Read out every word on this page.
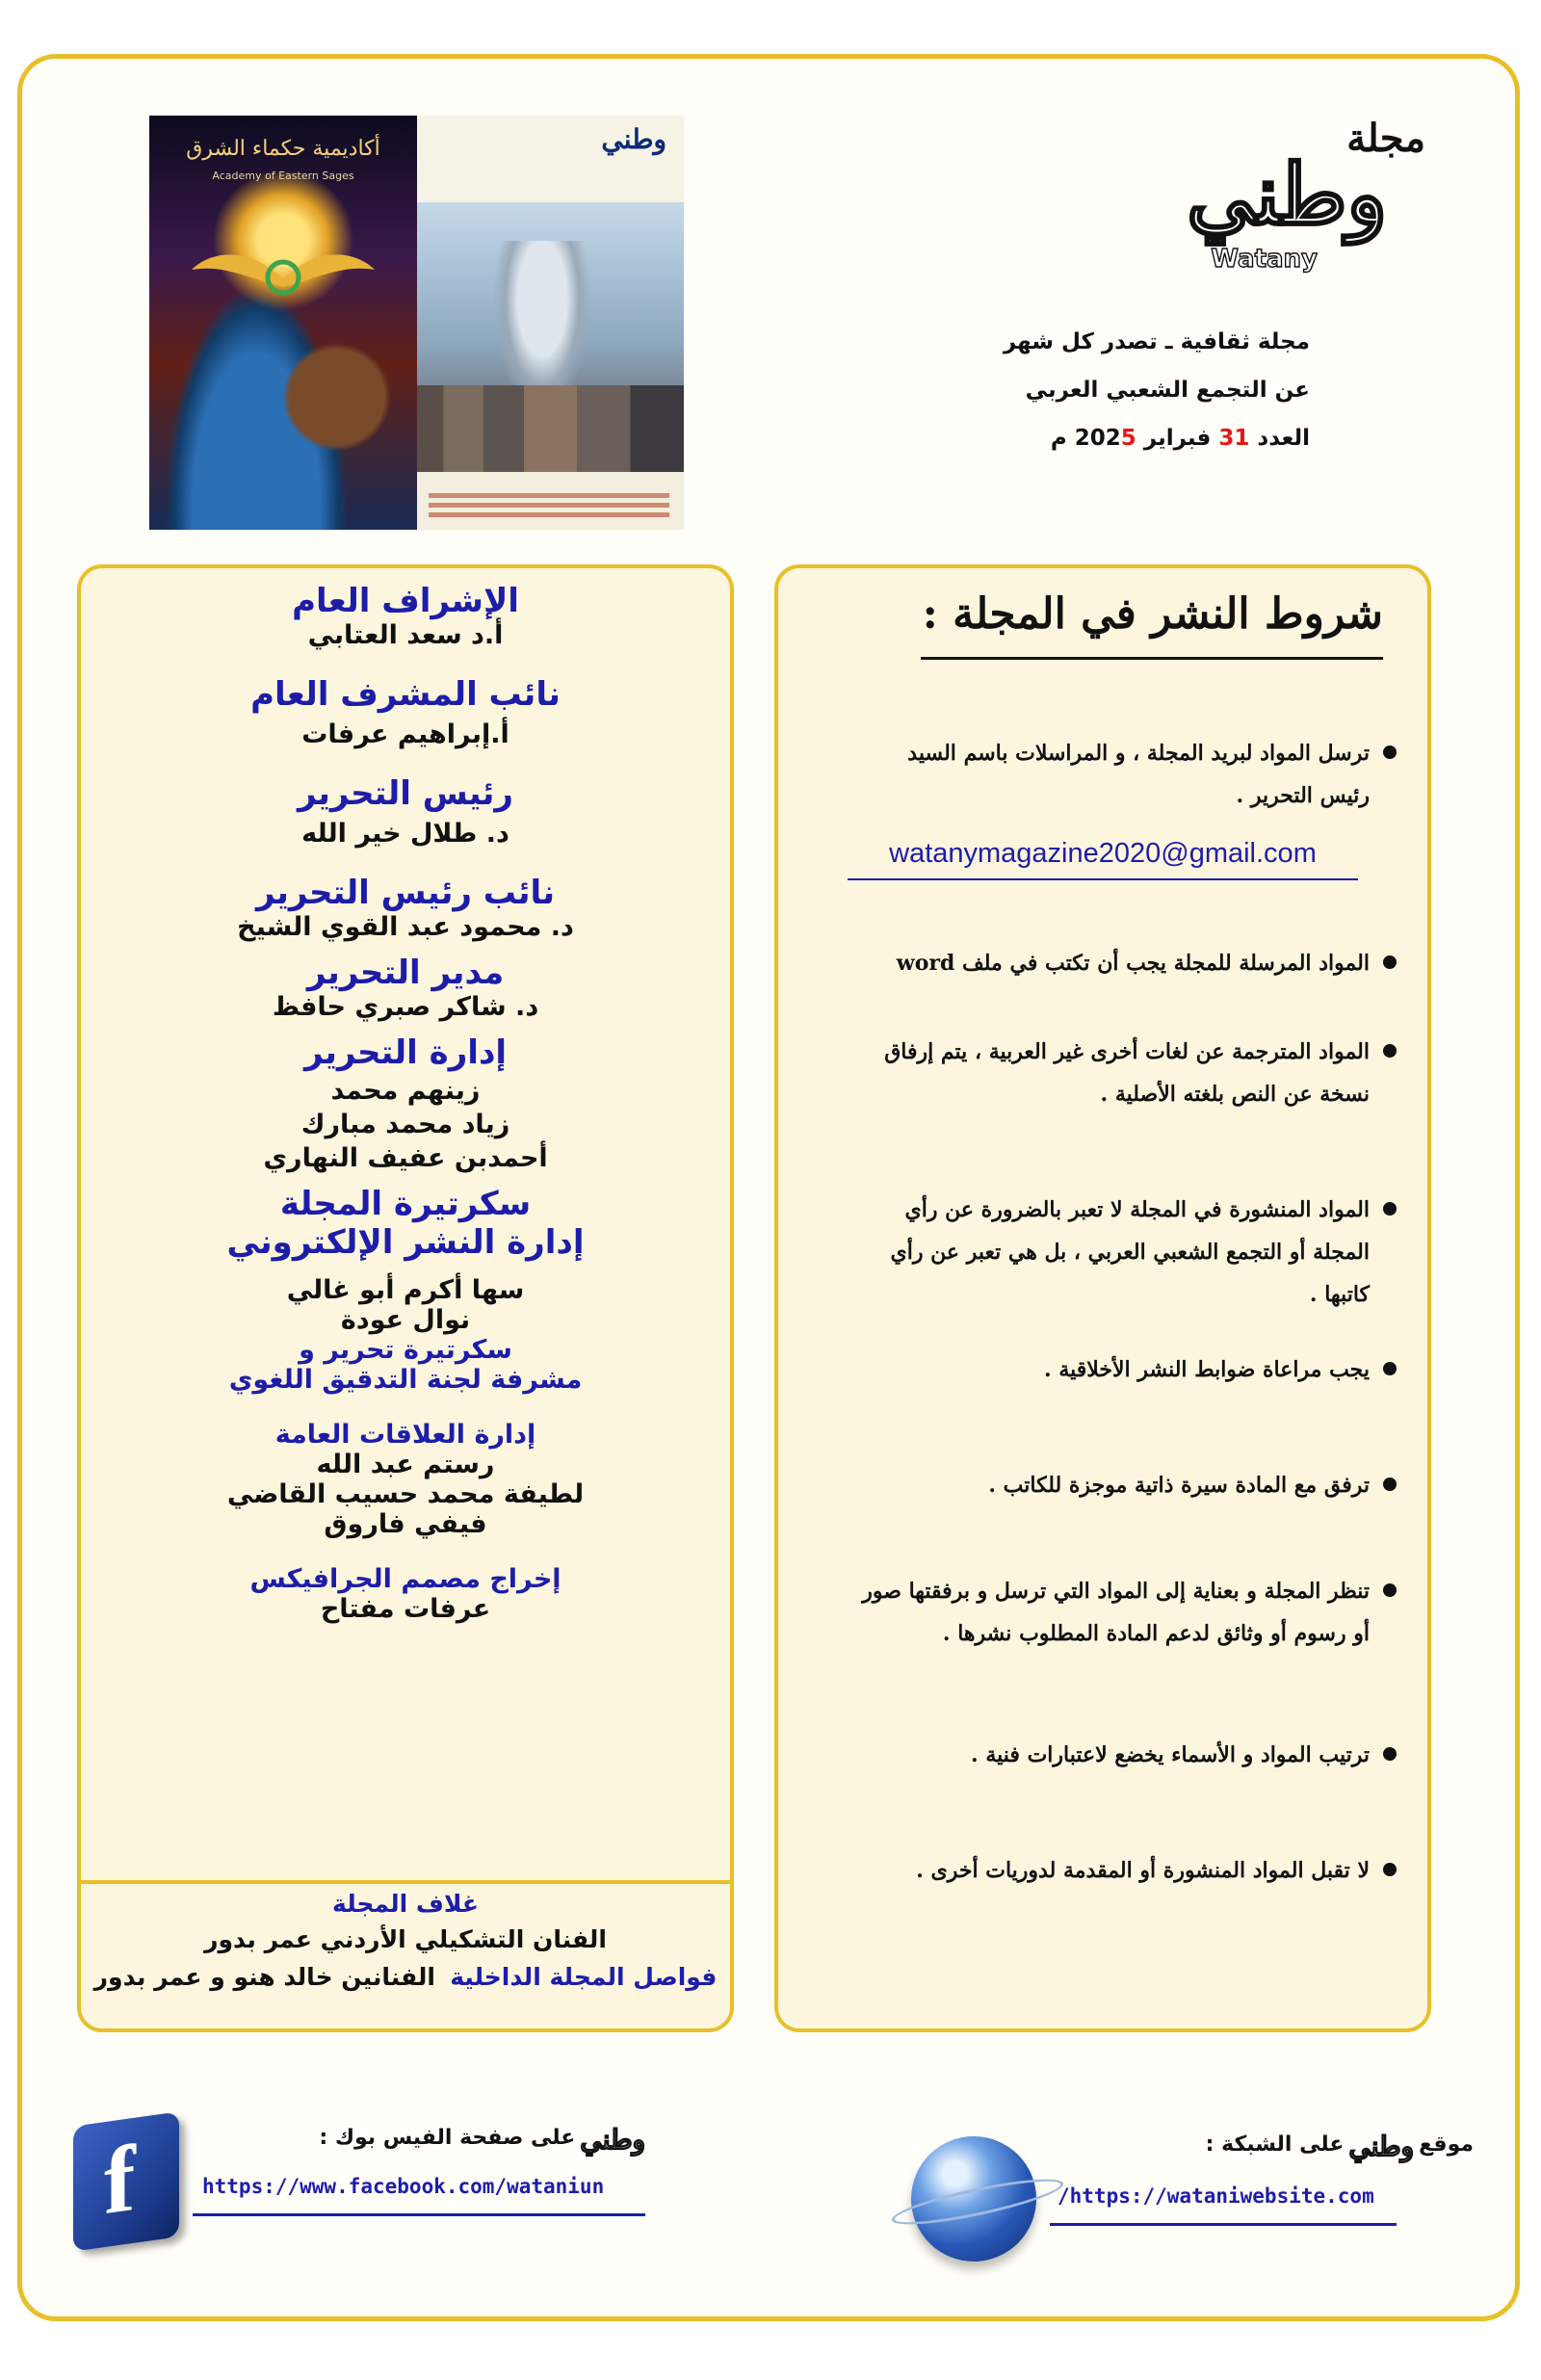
أكاديمية حكماء الشرق
Academy of Eastern Sages
وطني	مجلة
وطني
Watany
مجلة ثقافية ـ تصدر كل شهر
عن التجمع الشعبي العربي
العدد 31 فبراير 2025 م
الإشراف العام
أ.د سعد العتابي
نائب المشرف العام
أ.إبراهيم عرفات
رئيس التحرير
د. طلال خير الله
نائب رئيس التحرير
د. محمود عبد القوي الشيخ
مدير التحرير
د. شاكر صبري حافظ
إدارة التحرير
زينهم محمد
زياد محمد مبارك
أحمدبن عفيف النهاري
سكرتيرة المجلة
إدارة النشر الإلكتروني
سها أكرم أبو غالي
نوال عودة
سكرتيرة تحرير و
مشرفة لجنة التدقيق اللغوي
إدارة العلاقات العامة
رستم عبد الله
لطيفة محمد حسيب القاضي
فيفي فاروق
إخراج مصمم الجرافيكس
عرفات مفتاح
غلاف المجلة
الفنان التشكيلي الأردني عمر بدور
فواصل المجلة الداخلية   الفنانين خالد هنو و عمر بدور
شروط النشر في المجلة :
ترسل المواد لبريد المجلة ، و المراسلات باسم السيد رئيس التحرير .
watanymagazine2020@gmail.com
المواد المرسلة للمجلة يجب أن تكتب في ملف word
المواد المترجمة عن لغات أخرى غير العربية ، يتم إرفاق نسخة عن النص بلغته الأصلية .
المواد المنشورة في المجلة لا تعبر بالضرورة عن رأي المجلة أو التجمع الشعبي العربي ، بل هي تعبر عن رأي كاتبها .
يجب مراعاة ضوابط النشر الأخلاقية .
ترفق مع المادة سيرة ذاتية موجزة للكاتب .
تنظر المجلة و بعناية إلى المواد التي ترسل و برفقتها صور أو رسوم أو وثائق لدعم المادة المطلوب نشرها .
ترتيب المواد و الأسماء يخضع لاعتبارات فنية .
لا تقبل المواد المنشورة أو المقدمة لدوريات أخرى .
f	وطني على صفحة الفيس بوك :
https://www.facebook.com/wataniun
موقع وطني على الشبكة :
/https://wataniwebsite.com
